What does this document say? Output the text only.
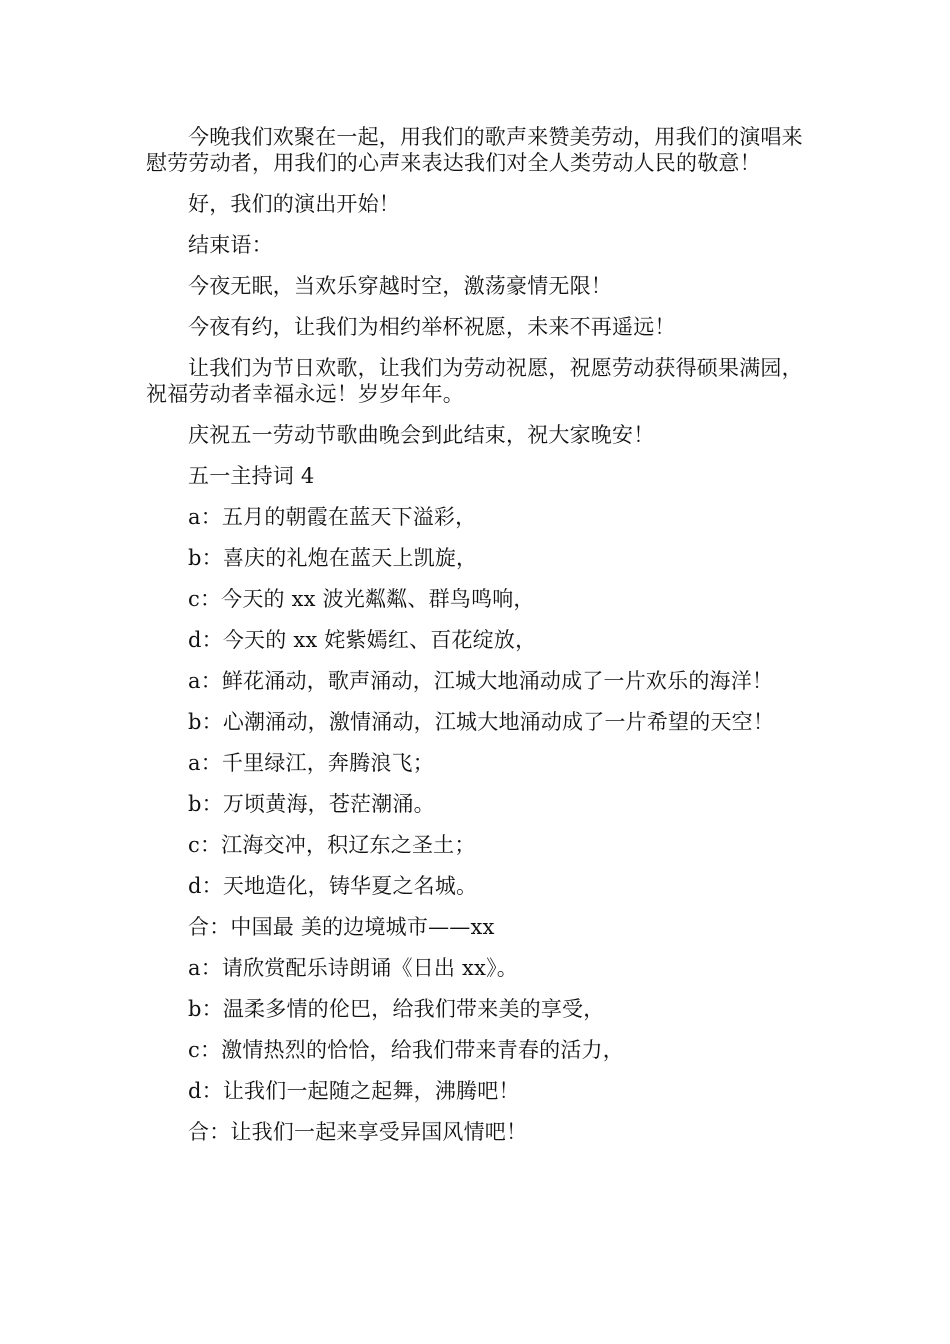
今晚我们欢聚在一起，用我们的歌声来赞美劳动，用我们的演唱来慰劳劳动者，用我们的心声来表达我们对全人类劳动人民的敬意！

好，我们的演出开始！

结束语：

今夜无眠，当欢乐穿越时空，激荡豪情无限！

今夜有约，让我们为相约举杯祝愿，未来不再遥远！

让我们为节日欢歌，让我们为劳动祝愿，祝愿劳动获得硕果满园，祝福劳动者幸福永远！岁岁年年。

庆祝五一劳动节歌曲晚会到此结束，祝大家晚安！

五一主持词 4

a：五月的朝霞在蓝天下溢彩，

b：喜庆的礼炮在蓝天上凯旋，

c：今天的 xx 波光粼粼、群鸟鸣响，

d：今天的 xx 姹紫嫣红、百花绽放，

a：鲜花涌动，歌声涌动，江城大地涌动成了一片欢乐的海洋！

b：心潮涌动，激情涌动，江城大地涌动成了一片希望的天空！

a：千里绿江，奔腾浪飞；

b：万顷黄海，苍茫潮涌。

c：江海交冲，积辽东之圣土；

d：天地造化，铸华夏之名城。

合：中国最 美的边境城市——xx

a：请欣赏配乐诗朗诵《日出 xx》。

b：温柔多情的伦巴，给我们带来美的享受，

c：激情热烈的恰恰，给我们带来青春的活力，

d：让我们一起随之起舞，沸腾吧！

合：让我们一起来享受异国风情吧！
